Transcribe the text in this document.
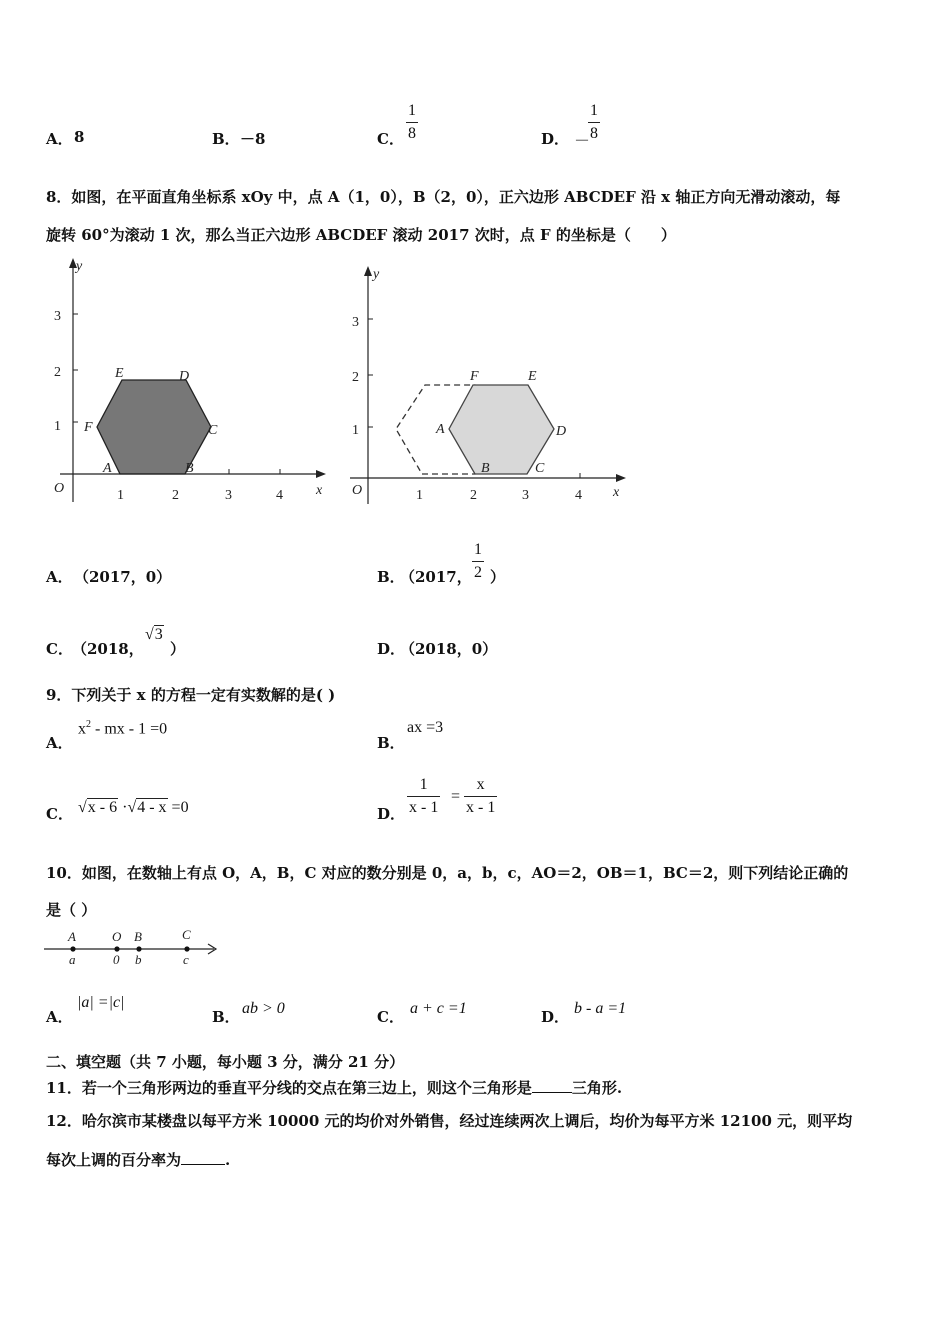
A． 8	B． －8	C． $\frac{1}{8}$	D． －
$\frac{1}{8}$
8．如图，在平面直角坐标系 xOy 中，点 A（1，0），B（2，0），正六边形 ABCDEF 沿 x 轴正方向无滑动滚动，每
旋转 60°为滚动 1 次，那么当正六边形 ABCDEF 滚动 2017 次时，点 F 的坐标是（　　）
y
x
O	1	2	3	4
1
2
3
A	B
C
D
E
F
y
x
O	1	2	3	4
1
2
3
A
B	C
D
E
F
A． （2017，0）	B．
（2017， $\frac{1}{2}$ ）
C． （2018，
√3
）	D．
（2018，0）
9．下列关于 x 的方程一定有实数解的是( )
A．
$x^2$ - mx - 1 =0
B．
ax =3
C． √x - 6 ·√4 - x =0	D． $\frac{1}{x - 1} = \frac{x}{x - 1}$
10．如图，在数轴上有点 O，A，B，C 对应的数分别是 0，a，b，c，AO＝2，OB＝1，BC＝2，则下列结论正确的
是（ ）
A	O B	C
a	0 b	c
A．
|a| =|c|
B． ab > 0	C． a + c =1	D． b - a =1
二、填空题（共 7 小题，每小题 3 分，满分 21 分）
11．若一个三角形两边的垂直平分线的交点在第三边上，则这个三角形是	三角形.
12．哈尔滨市某楼盘以每平方米 10000 元的均价对外销售，经过连续两次上调后，均价为每平方米 12100 元，则平均
每次上调的百分率为	.
